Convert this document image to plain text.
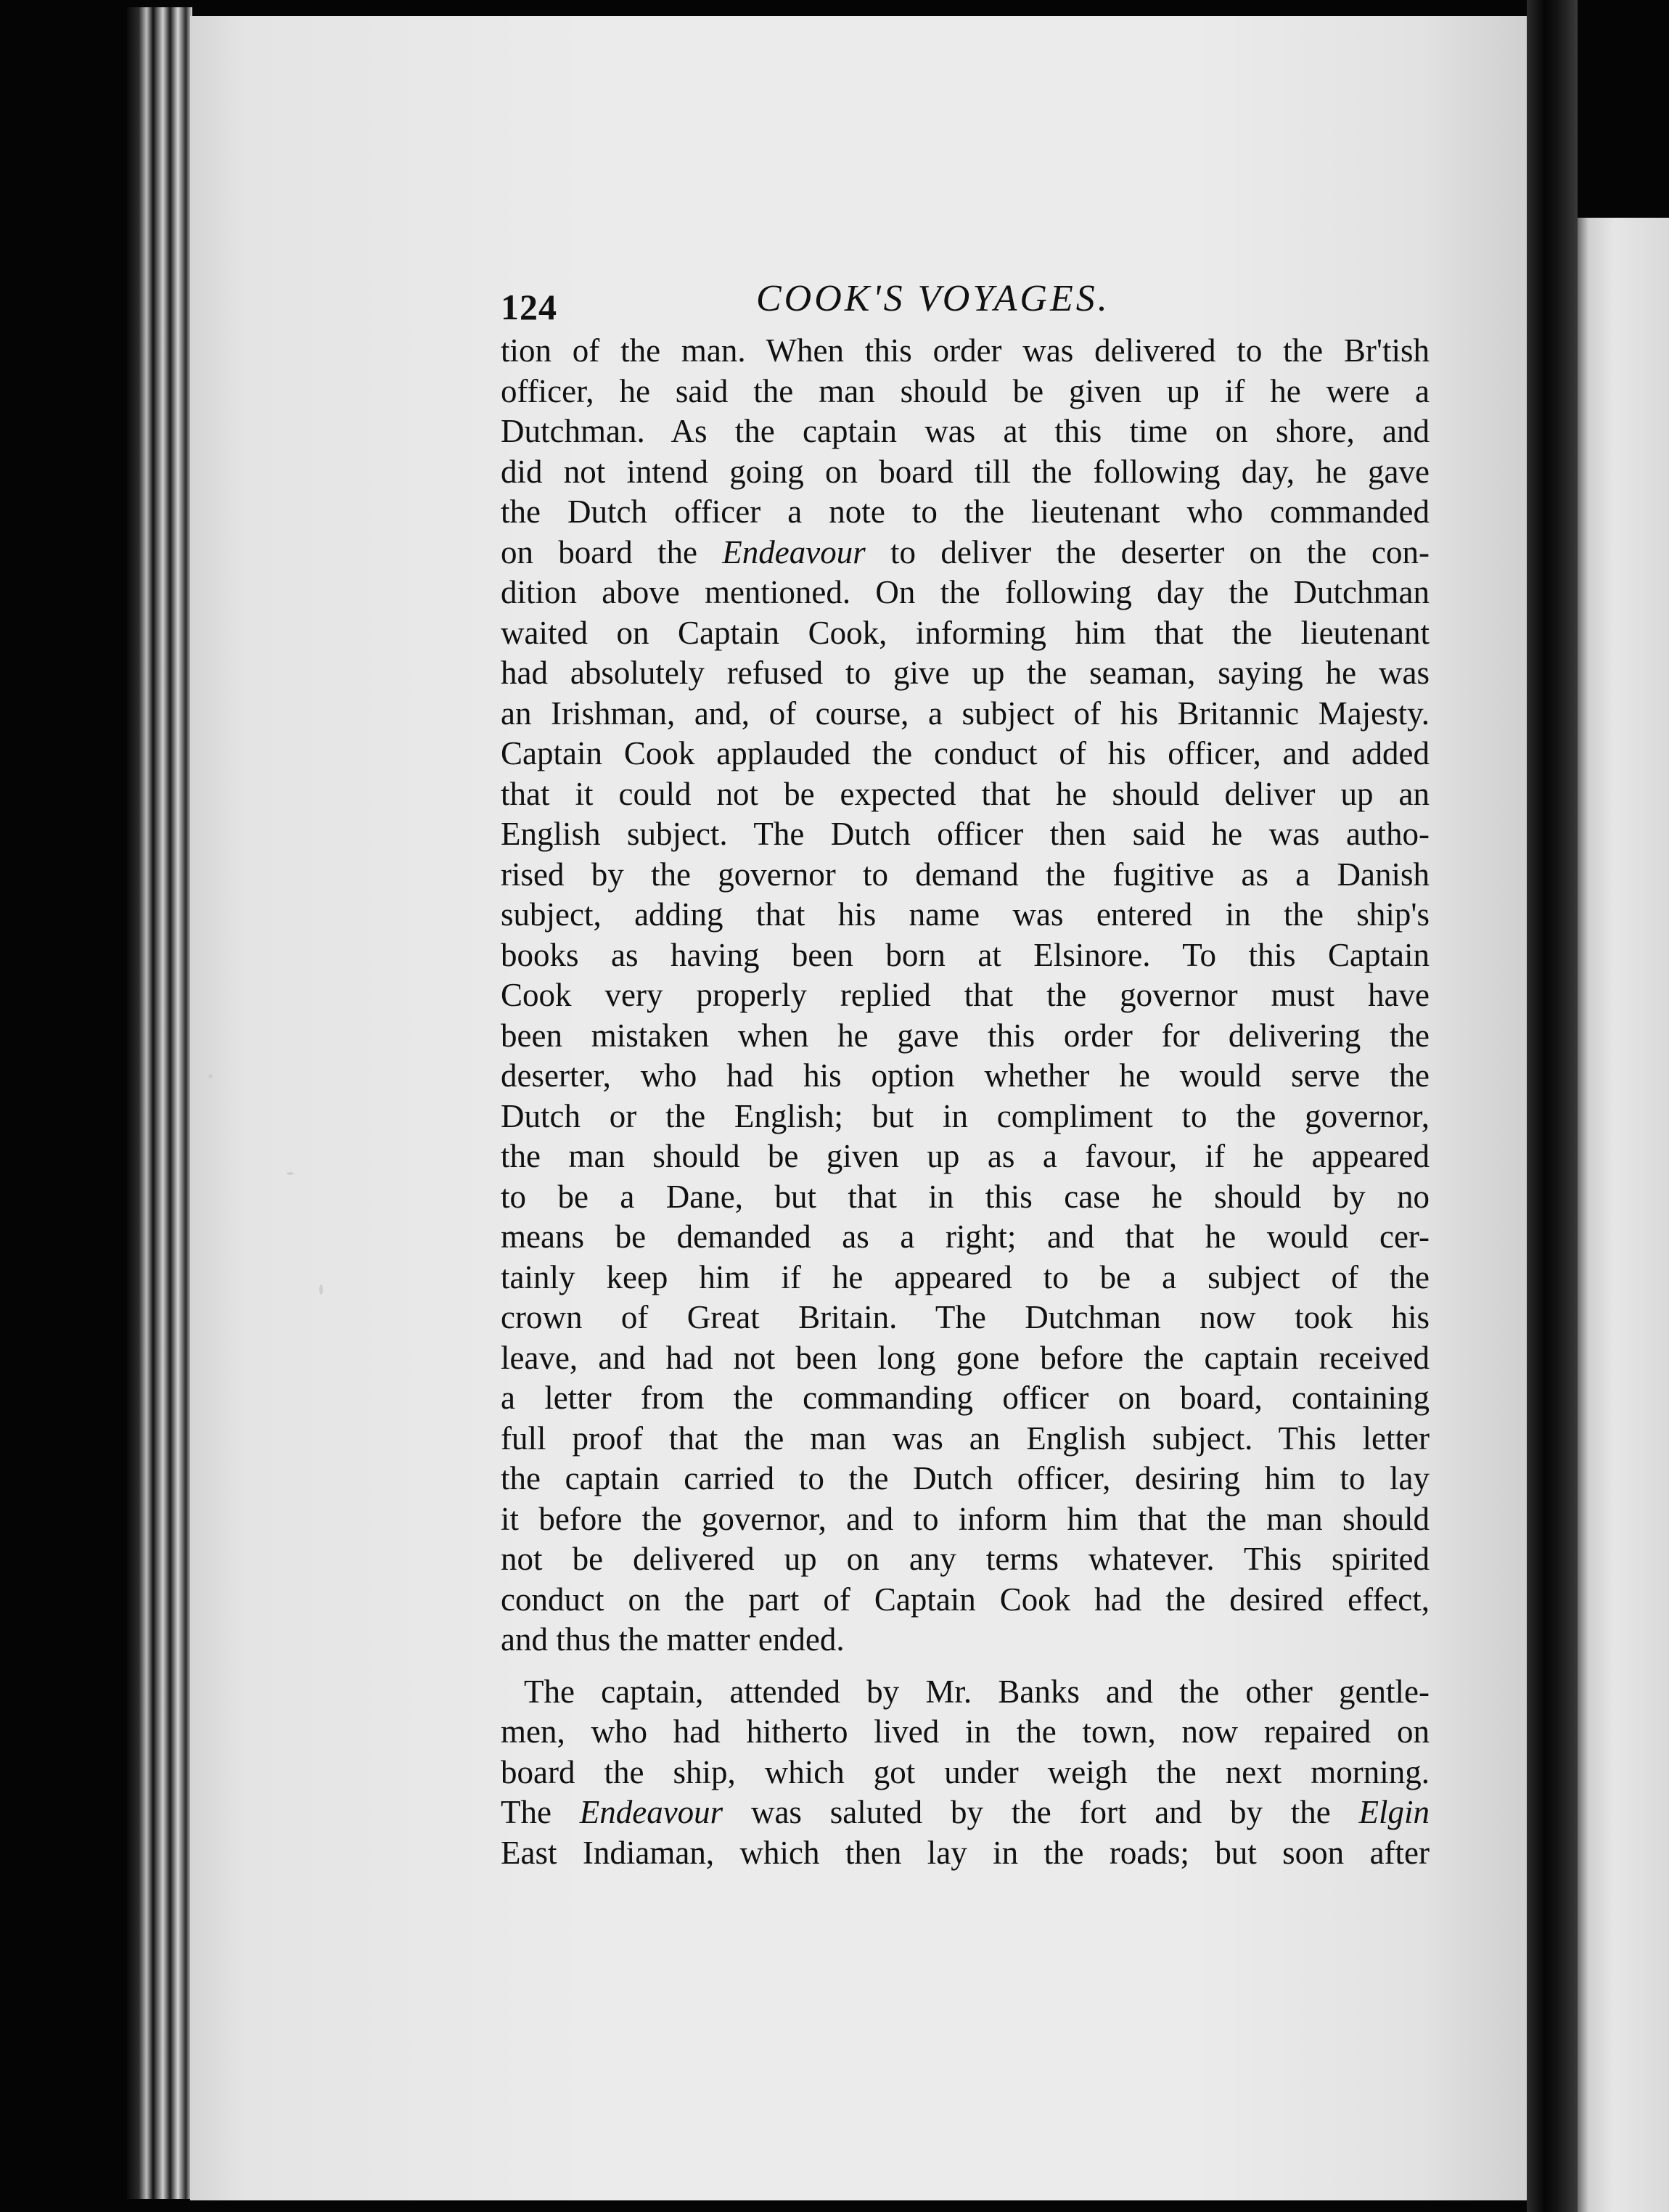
124	COOK'S VOYAGES.

tion of the man. When this order was delivered to the Br'tish

officer, he said the man should be given up if he were a

Dutchman. As the captain was at this time on shore, and

did not intend going on board till the following day, he gave

the Dutch officer a note to the lieutenant who commanded

on board the Endeavour to deliver the deserter on the con-

dition above mentioned. On the following day the Dutchman

waited on Captain Cook, informing him that the lieutenant

had absolutely refused to give up the seaman, saying he was

an Irishman, and, of course, a subject of his Britannic Majesty.

Captain Cook applauded the conduct of his officer, and added

that it could not be expected that he should deliver up an

English subject. The Dutch officer then said he was autho-

rised by the governor to demand the fugitive as a Danish

subject, adding that his name was entered in the ship's

books as having been born at Elsinore. To this Captain

Cook very properly replied that the governor must have

been mistaken when he gave this order for delivering the

deserter, who had his option whether he would serve the

Dutch or the English; but in compliment to the governor,

the man should be given up as a favour, if he appeared

to be a Dane, but that in this case he should by no

means be demanded as a right; and that he would cer-

tainly keep him if he appeared to be a subject of the

crown of Great Britain. The Dutchman now took his

leave, and had not been long gone before the captain received

a letter from the commanding officer on board, containing

full proof that the man was an English subject. This letter

the captain carried to the Dutch officer, desiring him to lay

it before the governor, and to inform him that the man should

not be delivered up on any terms whatever. This spirited

conduct on the part of Captain Cook had the desired effect,

and thus the matter ended.

The captain, attended by Mr. Banks and the other gentle-

men, who had hitherto lived in the town, now repaired on

board the ship, which got under weigh the next morning.

The Endeavour was saluted by the fort and by the Elgin

East Indiaman, which then lay in the roads; but soon after
